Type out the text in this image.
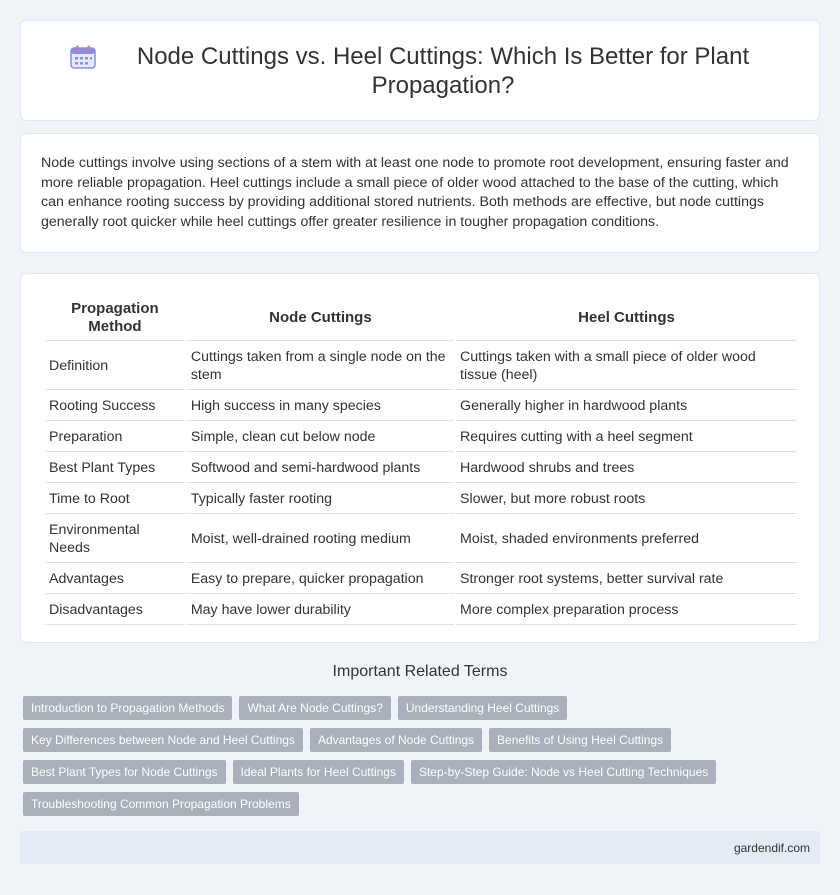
Node Cuttings vs. Heel Cuttings: Which Is Better for Plant Propagation?

Node cuttings involve using sections of a stem with at least one node to promote root development, ensuring faster and more reliable propagation. Heel cuttings include a small piece of older wood attached to the base of the cutting, which can enhance rooting success by providing additional stored nutrients. Both methods are effective, but node cuttings generally root quicker while heel cuttings offer greater resilience in tougher propagation conditions.

Propagation Method	Node Cuttings	Heel Cuttings
Definition	Cuttings taken from a single node on the stem	Cuttings taken with a small piece of older wood tissue (heel)
Rooting Success	High success in many species	Generally higher in hardwood plants
Preparation	Simple, clean cut below node	Requires cutting with a heel segment
Best Plant Types	Softwood and semi-hardwood plants	Hardwood shrubs and trees
Time to Root	Typically faster rooting	Slower, but more robust roots
Environmental Needs	Moist, well-drained rooting medium	Moist, shaded environments preferred
Advantages	Easy to prepare, quicker propagation	Stronger root systems, better survival rate
Disadvantages	May have lower durability	More complex preparation process
Important Related Terms
Introduction to Propagation Methods	What Are Node Cuttings?	Understanding Heel Cuttings
Key Differences between Node and Heel Cuttings	Advantages of Node Cuttings	Benefits of Using Heel Cuttings
Best Plant Types for Node Cuttings	Ideal Plants for Heel Cuttings	Step-by-Step Guide: Node vs Heel Cutting Techniques
Troubleshooting Common Propagation Problems
gardendif.com
